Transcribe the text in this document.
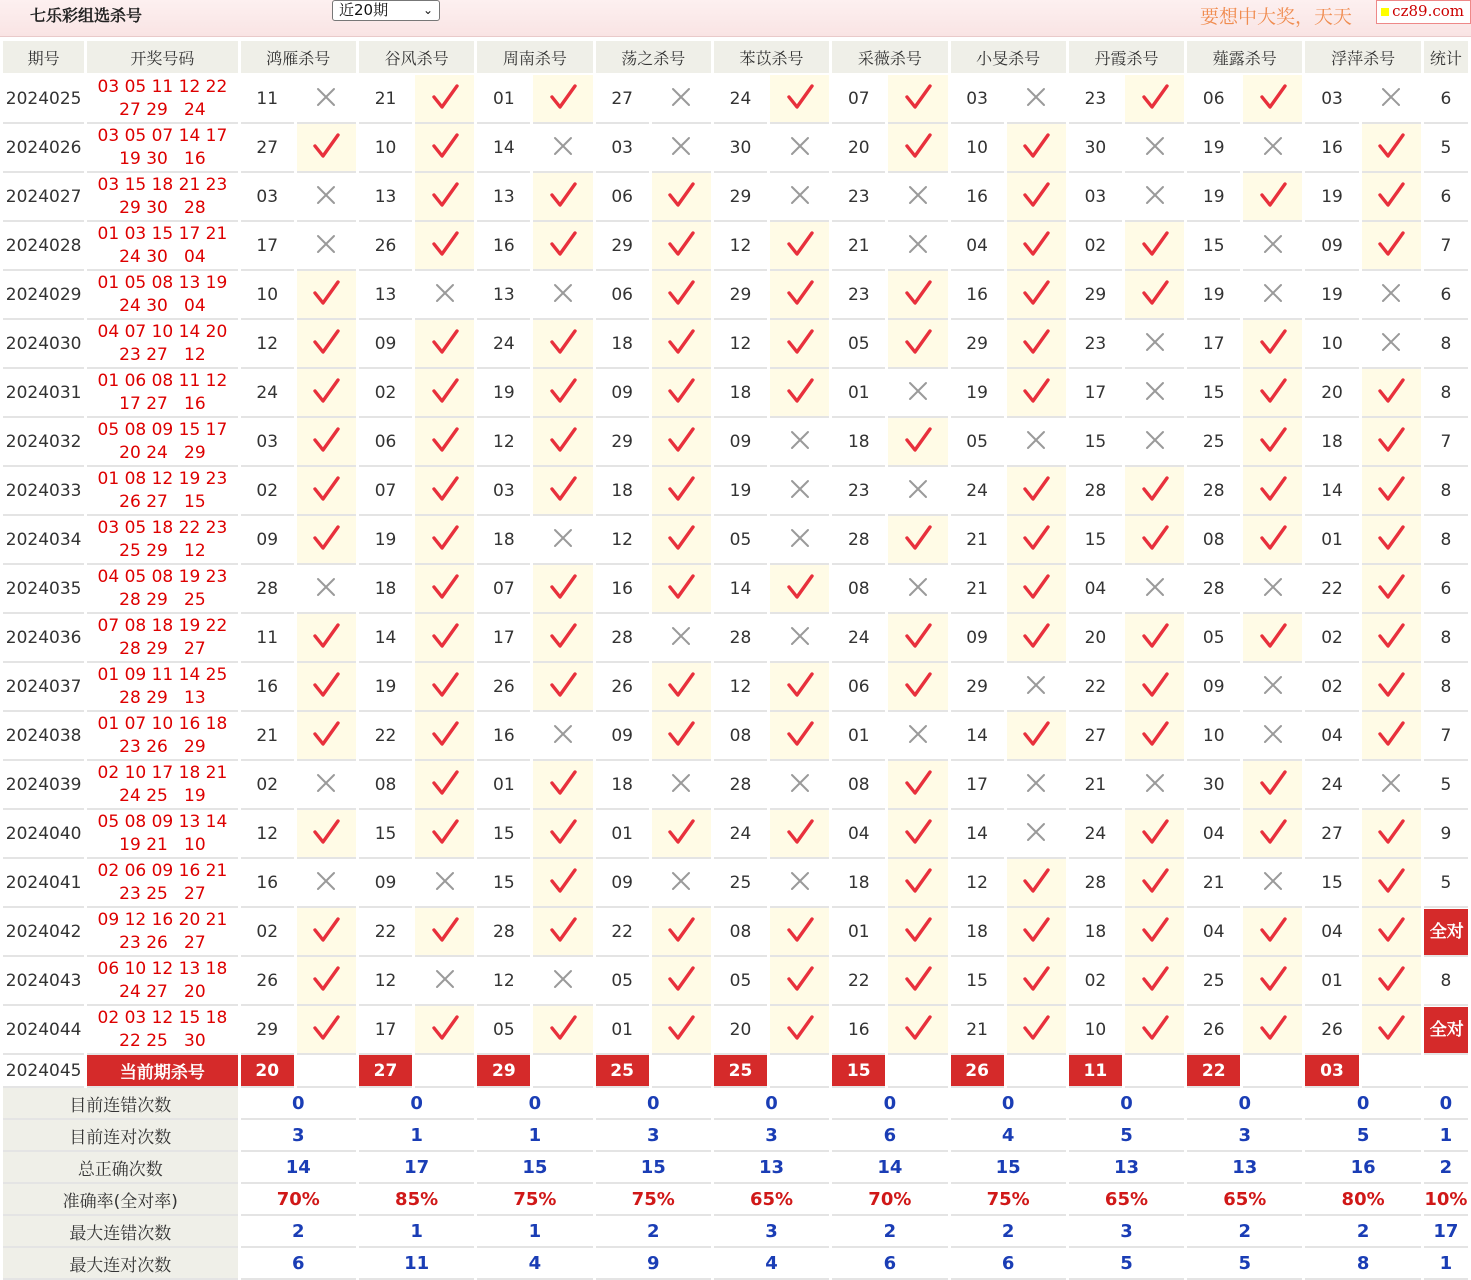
七乐彩组选杀号	近20期	⌄	要想中大奖，天天	cz89.com
期号	开奖号码	鸿雁杀号		谷风杀号		周南杀号		荡之杀号		苯苡杀号		采薇杀号		小旻杀号		丹霞杀号		薤露杀号		浮萍杀号		统计
2024025	03 05 11 12 22
27 29 24	11		21		01		27		24		07		03		23		06		03		6
2024026	03 05 07 14 17
19 30 16	27		10		14		03		30		20		10		30		19		16		5
2024027	03 15 18 21 23
29 30 28	03		13		13		06		29		23		16		03		19		19		6
2024028	01 03 15 17 21
24 30 04	17		26		16		29		12		21		04		02		15		09		7
2024029	01 05 08 13 19
24 30 04	10		13		13		06		29		23		16		29		19		19		6
2024030	04 07 10 14 20
23 27 12	12		09		24		18		12		05		29		23		17		10		8
2024031	01 06 08 11 12
17 27 16	24		02		19		09		18		01		19		17		15		20		8
2024032	05 08 09 15 17
20 24 29	03		06		12		29		09		18		05		15		25		18		7
2024033	01 08 12 19 23
26 27 15	02		07		03		18		19		23		24		28		28		14		8
2024034	03 05 18 22 23
25 29 12	09		19		18		12		05		28		21		15		08		01		8
2024035	04 05 08 19 23
28 29 25	28		18		07		16		14		08		21		04		28		22		6
2024036	07 08 18 19 22
28 29 27	11		14		17		28		28		24		09		20		05		02		8
2024037	01 09 11 14 25
28 29 13	16		19		26		26		12		06		29		22		09		02		8
2024038	01 07 10 16 18
23 26 29	21		22		16		09		08		01		14		27		10		04		7
2024039	02 10 17 18 21
24 25 19	02		08		01		18		28		08		17		21		30		24		5
2024040	05 08 09 13 14
19 21 10	12		15		15		01		24		04		14		24		04		27		9
2024041	02 06 09 16 21
23 25 27	16		09		15		09		25		18		12		28		21		15		5
2024042	09 12 16 20 21
23 26 27	02		22		28		22		08		01		18		18		04		04		全对
2024043	06 10 12 13 18
24 27 20	26		12		12		05		05		22		15		02		25		01		8
2024044	02 03 12 15 18
22 25 30	29		17		05		01		20		16		21		10		26		26		全对
2024045	当前期杀号	20		27		29		25		25		15		26		11		22		03		
目前连错次数		0		0		0		0		0		0		0		0		0		0		0
目前连对次数		3		1		1		3		3		6		4		5		3		5		1
总正确次数		14		17		15		15		13		14		15		13		13		16		2
准确率(全对率)		70%		85%		75%		75%		65%		70%		75%		65%		65%		80%		10%
最大连错次数		2		1		1		2		3		2		2		3		2		2		17
最大连对次数		6		11		4		9		4		6		6		5		5		8		1
